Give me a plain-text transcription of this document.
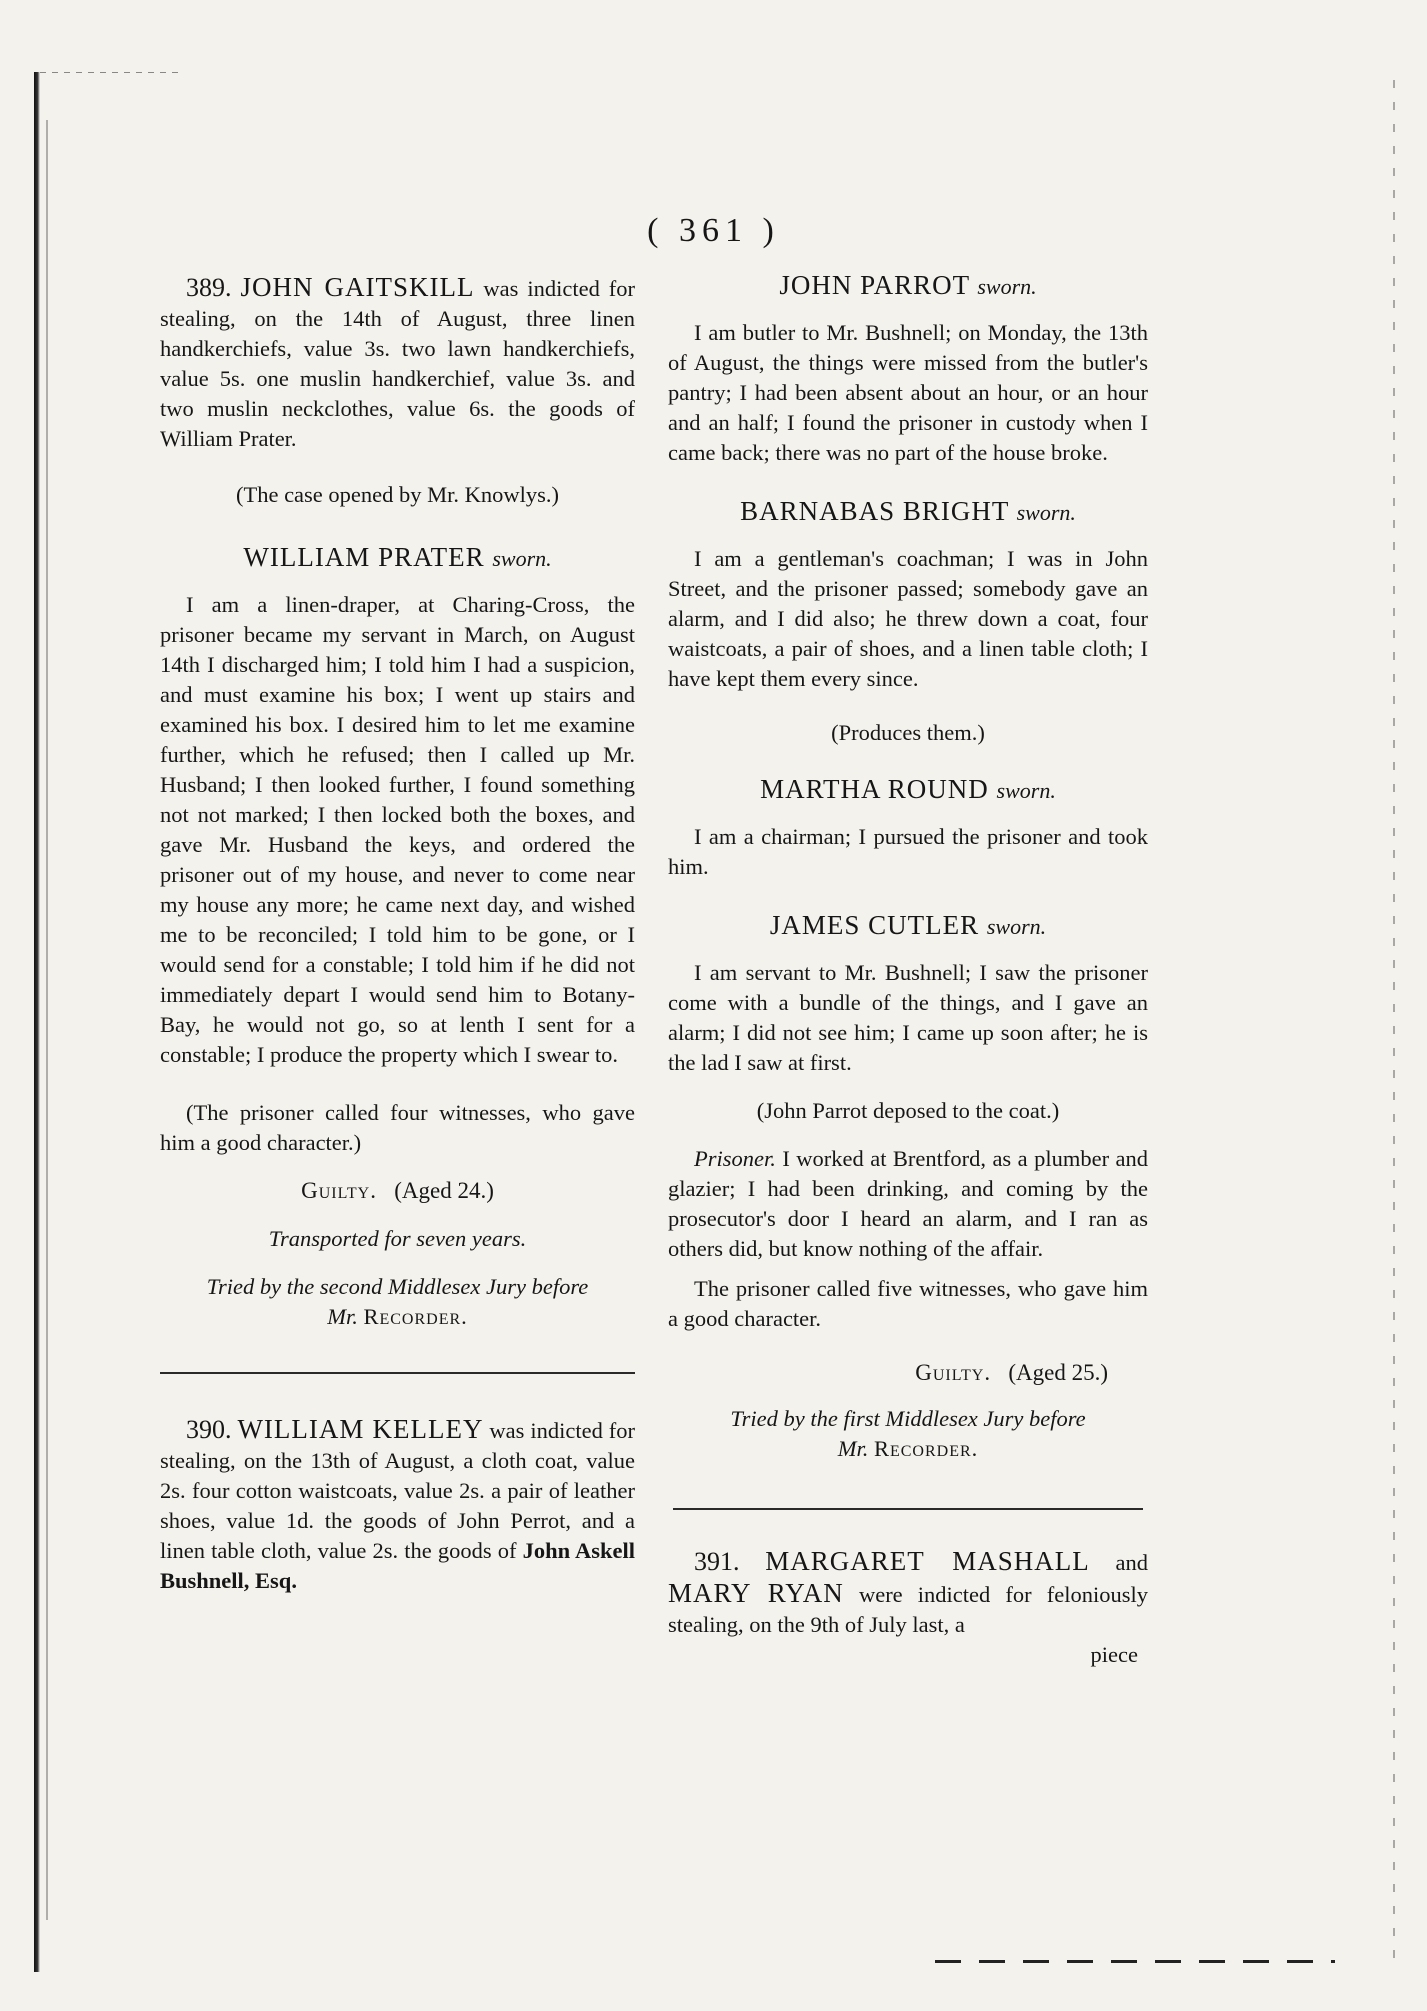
( 361 )

389. JOHN GAITSKILL was indicted for stealing, on the 14th of August, three linen handkerchiefs, value 3s. two lawn handkerchiefs, value 5s. one muslin handkerchief, value 3s. and two muslin neckclothes, value 6s. the goods of William Prater.

(The case opened by Mr. Knowlys.)

WILLIAM PRATER sworn.

I am a linen-draper, at Charing-Cross, the prisoner became my servant in March, on August 14th I discharged him; I told him I had a suspicion, and must examine his box; I went up stairs and examined his box. I desired him to let me examine further, which he refused; then I called up Mr. Husband; I then looked further, I found something not not marked; I then locked both the boxes, and gave Mr. Husband the keys, and ordered the prisoner out of my house, and never to come near my house any more; he came next day, and wished me to be reconciled; I told him to be gone, or I would send for a constable; I told him if he did not immediately depart I would send him to Botany-Bay, he would not go, so at lenth I sent for a constable; I produce the property which I swear to.

(The prisoner called four witnesses, who gave him a good character.)

Guilty. (Aged 24.)

Transported for seven years.

Tried by the second Middlesex Jury before
Mr. Recorder.

390. WILLIAM KELLEY was indicted for stealing, on the 13th of August, a cloth coat, value 2s. four cotton waistcoats, value 2s. a pair of leather shoes, value 1d. the goods of John Perrot, and a linen table cloth, value 2s. the goods of John Askell Bushnell, Esq.

JOHN PARROT sworn.

I am butler to Mr. Bushnell; on Monday, the 13th of August, the things were missed from the butler's pantry; I had been absent about an hour, or an hour and an half; I found the prisoner in custody when I came back; there was no part of the house broke.

BARNABAS BRIGHT sworn.

I am a gentleman's coachman; I was in John Street, and the prisoner passed; somebody gave an alarm, and I did also; he threw down a coat, four waistcoats, a pair of shoes, and a linen table cloth; I have kept them every since.

(Produces them.)

MARTHA ROUND sworn.

I am a chairman; I pursued the prisoner and took him.

JAMES CUTLER sworn.

I am servant to Mr. Bushnell; I saw the prisoner come with a bundle of the things, and I gave an alarm; I did not see him; I came up soon after; he is the lad I saw at first.

(John Parrot deposed to the coat.)

Prisoner. I worked at Brentford, as a plumber and glazier; I had been drinking, and coming by the prosecutor's door I heard an alarm, and I ran as others did, but know nothing of the affair.

The prisoner called five witnesses, who gave him a good character.

Guilty. (Aged 25.)

Tried by the first Middlesex Jury before
Mr. Recorder.

391. MARGARET MASHALL and MARY RYAN were indicted for feloniously stealing, on the 9th of July last, a

piece
